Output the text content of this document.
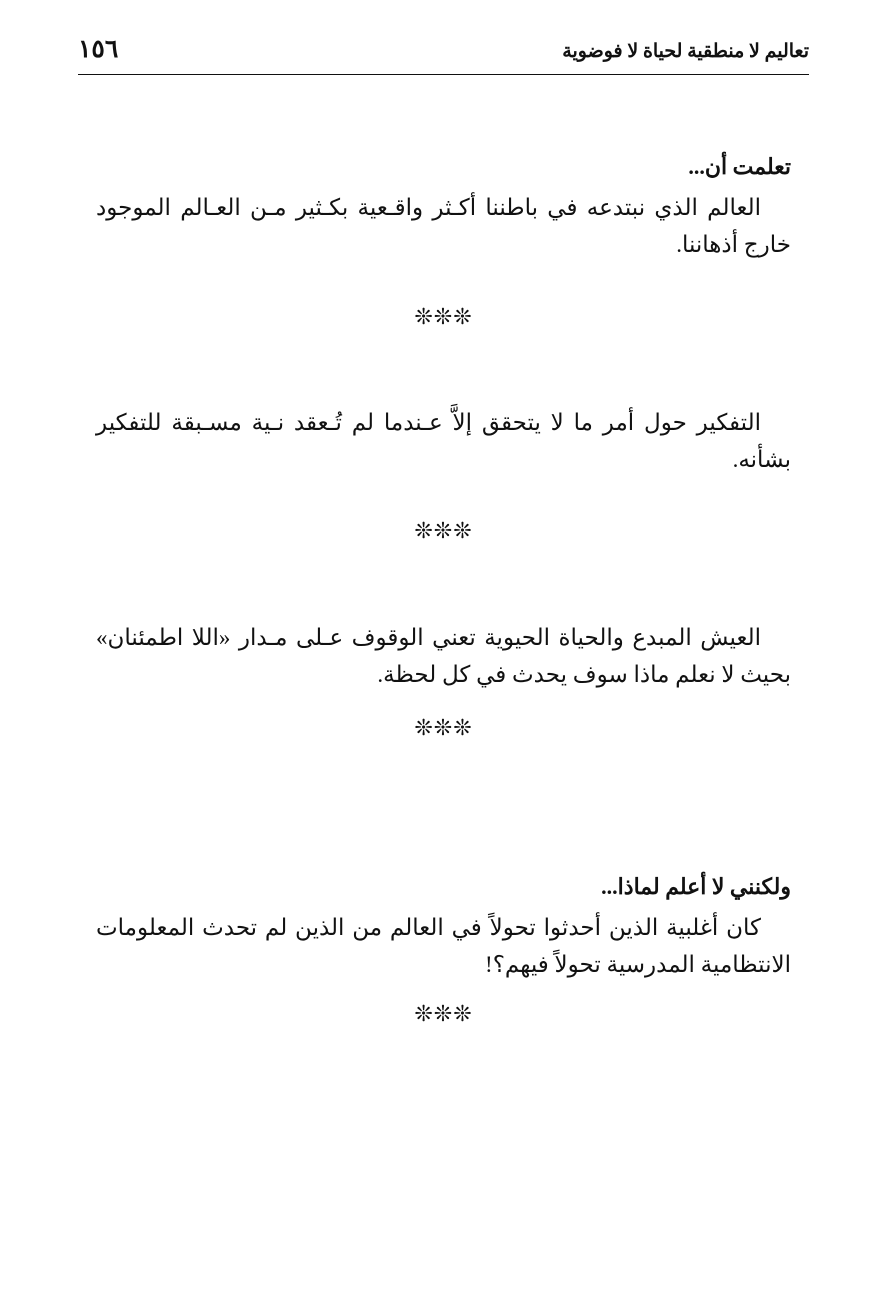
١٥٦	تعاليم لا منطقية لحياة لا فوضوية
تعلمت أن...

العالم الذي نبتدعه في باطننا أكـثر واقـعية بكـثير مـن العـالم الموجود خارج أذهاننا.

❊❊❊

التفكير حول أمر ما لا يتحقق إلاَّ عـندما لم تُـعقد نـية مسـبقة للتفكير بشأنه.

❊❊❊

العيش المبدع والحياة الحيوية تعني الوقوف عـلى مـدار «اللا اطمئنان» بحيث لا نعلم ماذا سوف يحدث في كل لحظة.

❊❊❊
ولكنني لا أعلم لماذا...

كان أغلبية الذين أحدثوا تحولاً في العالم من الذين لم تحدث المعلومات الانتظامية المدرسية تحولاً فيهم؟!

❊❊❊
